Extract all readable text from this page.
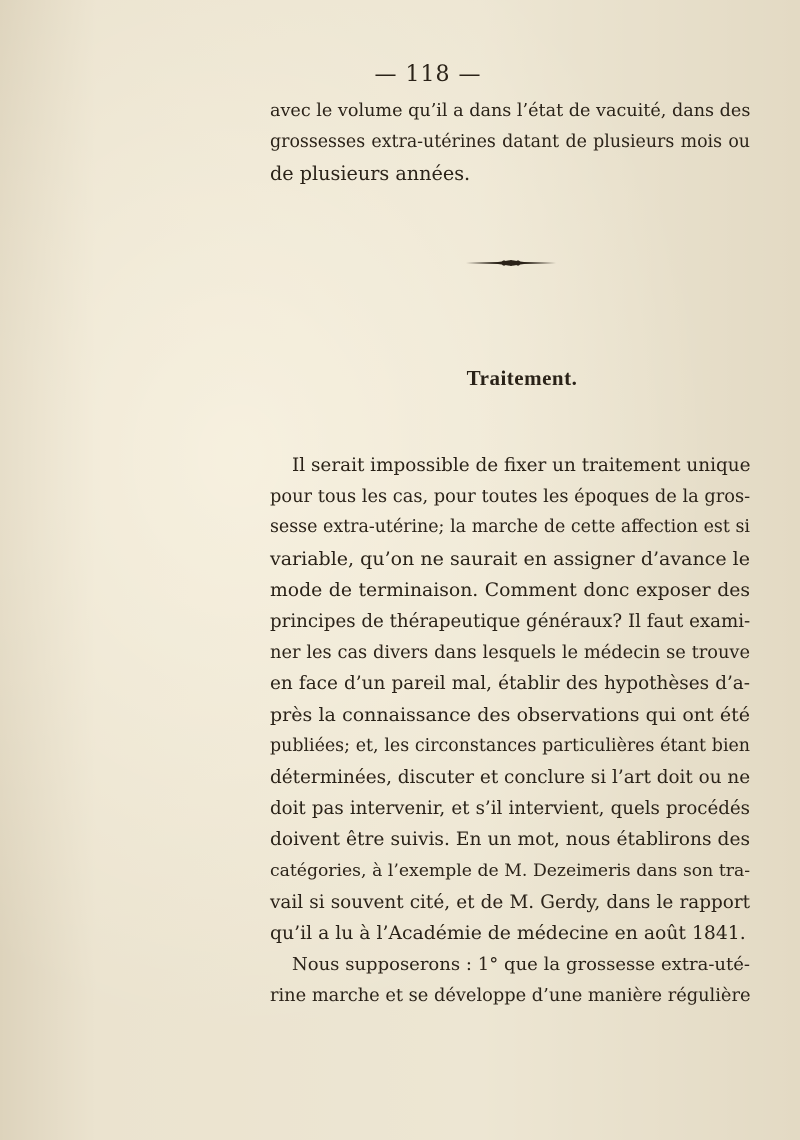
— 118 —
avec le volume qu’il a dans l’état de vacuité, dans des
grossesses extra-utérines datant de plusieurs mois ou
de plusieurs années.
Traitement.
Il serait impossible de fixer un traitement unique
pour tous les cas, pour toutes les époques de la gros-
sesse extra-utérine; la marche de cette affection est si
variable, qu’on ne saurait en assigner d’avance le
mode de terminaison. Comment donc exposer des
principes de thérapeutique généraux? Il faut exami-
ner les cas divers dans lesquels le médecin se trouve
en face d’un pareil mal, établir des hypothèses d’a-
près la connaissance des observations qui ont été
publiées; et, les circonstances particulières étant bien
déterminées, discuter et conclure si l’art doit ou ne
doit pas intervenir, et s’il intervient, quels procédés
doivent être suivis. En un mot, nous établirons des
catégories, à l’exemple de M. Dezeimeris dans son tra-
vail si souvent cité, et de M. Gerdy, dans le rapport
qu’il a lu à l’Académie de médecine en août 1841.
Nous supposerons : 1° que la grossesse extra-uté-
rine marche et se développe d’une manière régulière
